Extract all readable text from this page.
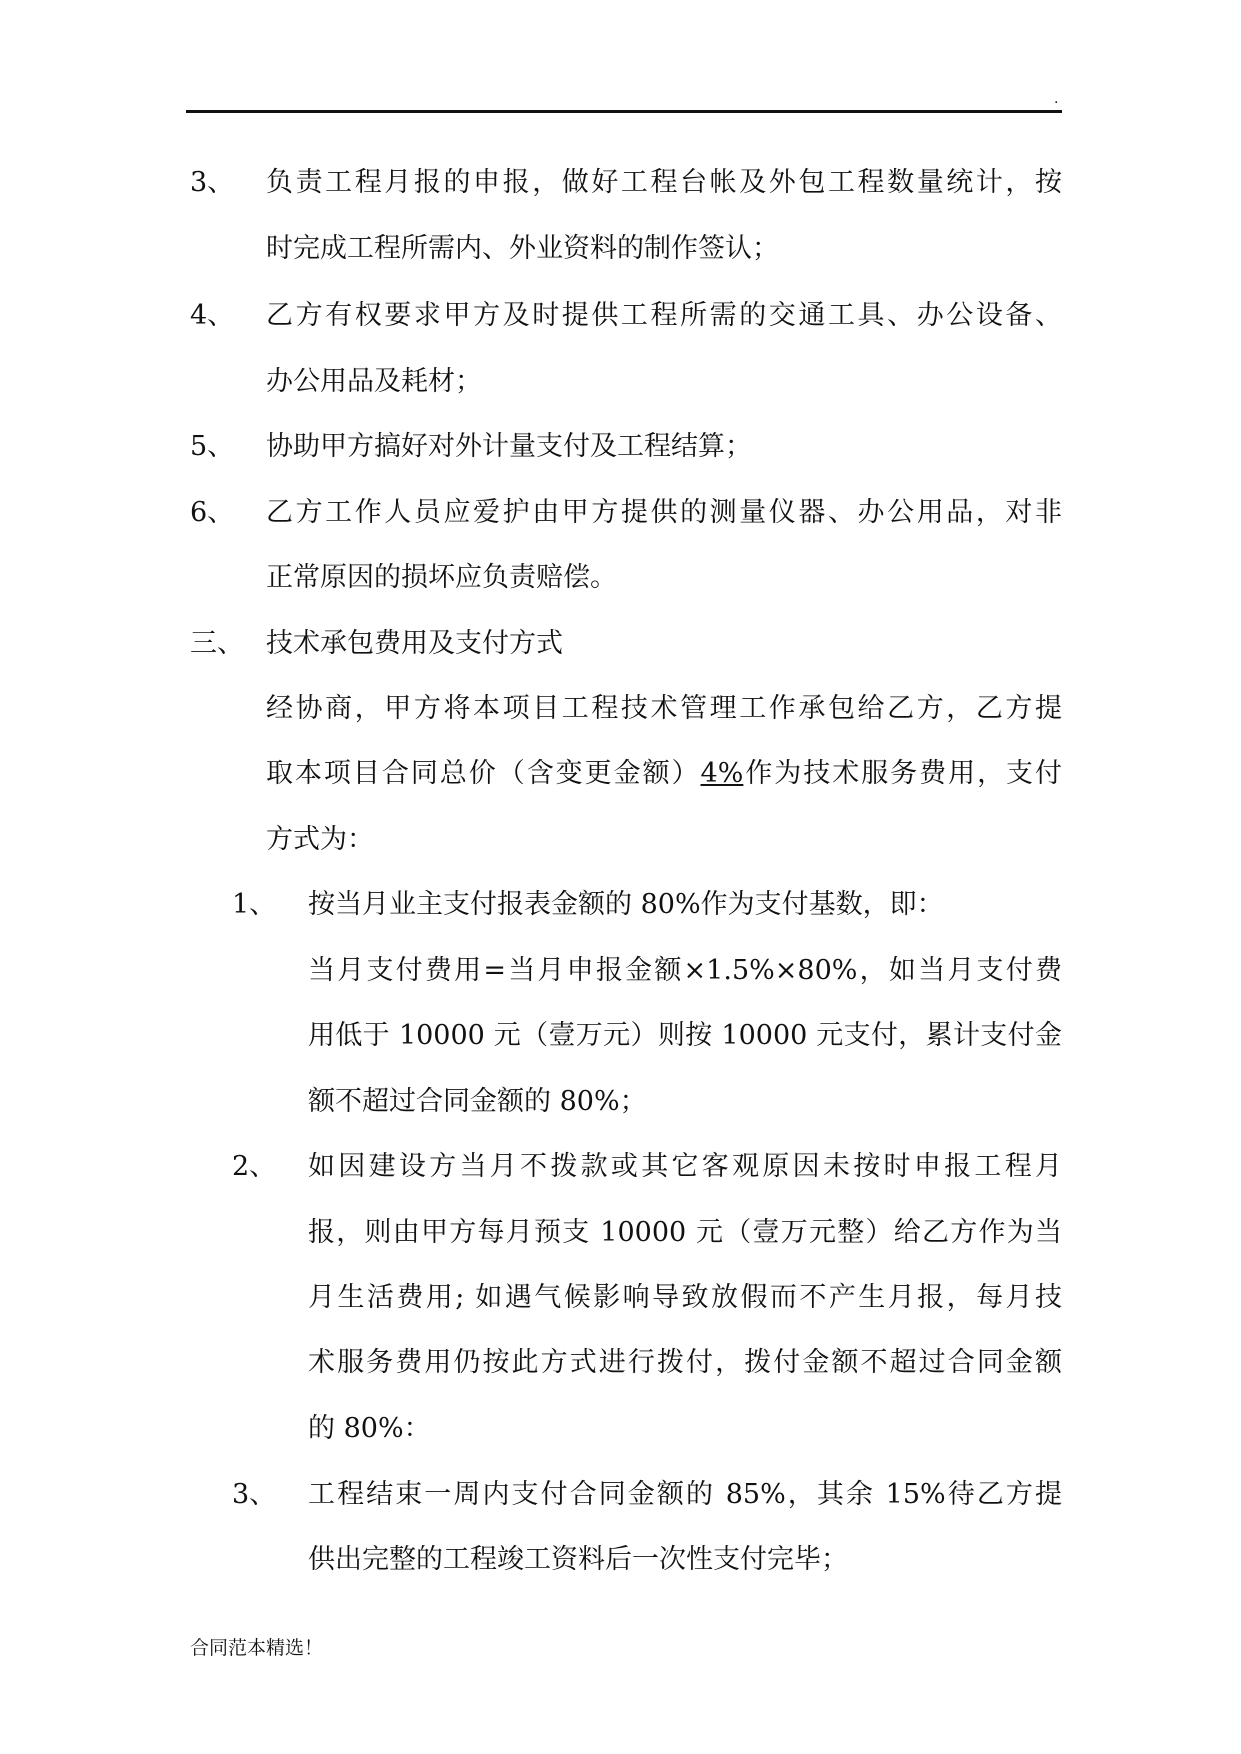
.
3、 负责工程月报的申报，做好工程台帐及外包工程数量统计，按
时完成工程所需内、外业资料的制作签认；
4、 乙方有权要求甲方及时提供工程所需的交通工具、办公设备、
办公用品及耗材；
5、 协助甲方搞好对外计量支付及工程结算；
6、 乙方工作人员应爱护由甲方提供的测量仪器、办公用品，对非
正常原因的损坏应负责赔偿。
三、 技术承包费用及支付方式
经协商，甲方将本项目工程技术管理工作承包给乙方，乙方提
取本项目合同总价（含变更金额）4%作为技术服务费用，支付
方式为：
1、 按当月业主支付报表金额的 80%作为支付基数，即：
当月支付费用=当月申报金额×1.5%×80%，如当月支付费
用低于 10000 元（壹万元）则按 10000 元支付，累计支付金
额不超过合同金额的 80%；
2、 如因建设方当月不拨款或其它客观原因未按时申报工程月
报，则由甲方每月预支 10000 元（壹万元整）给乙方作为当
月生活费用; 如遇气候影响导致放假而不产生月报，每月技
术服务费用仍按此方式进行拨付，拨付金额不超过合同金额
的 80%：
3、 工程结束一周内支付合同金额的 85%，其余 15%待乙方提
供出完整的工程竣工资料后一次性支付完毕；
合同范本精选！
